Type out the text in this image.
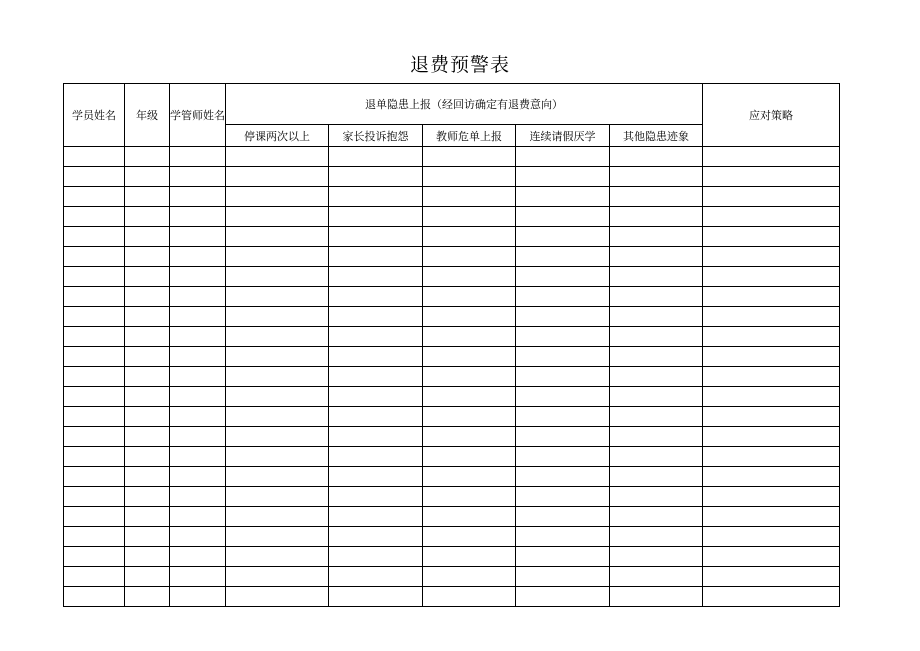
退费预警表
学员姓名	年级	学管师姓名	退单隐患上报（经回访确定有退费意向）					应对策略
			停课两次以上	家长投诉抱怨	教师危单上报	连续请假厌学	其他隐患迹象	
